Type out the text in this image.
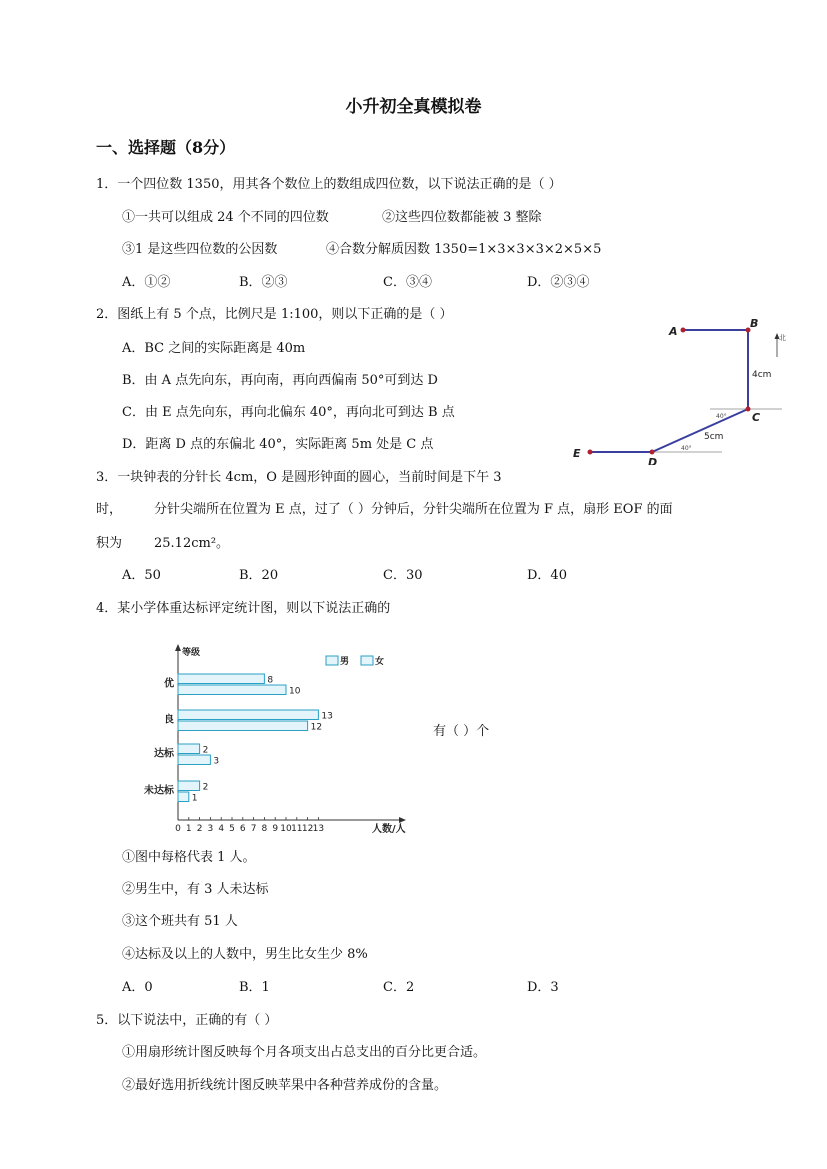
小升初全真模拟卷
一、选择题（8分）
1．一个四位数 1350，用其各个数位上的数组成四位数，以下说法正确的是（ ）
①一共可以组成 24 个不同的四位数	②这些四位数都能被 3 整除
③1 是这些四位数的公因数	④合数分解质因数 1350=1×3×3×3×2×5×5
A．①②	B．②③	C．③④	D．②③④
2．图纸上有 5 个点，比例尺是 1:100，则以下正确的是（ ）
A．BC 之间的实际距离是 40m
B．由 A 点先向东，再向南，再向西偏南 50°可到达 D
C．由 E 点先向东，再向北偏东 40°，再向北可到达 B 点
D．距离 D 点的东偏北 40°，实际距离 5m 处是 C 点
A
B
C
D
E
4cm
5cm
40°
40°
北
3．一块钟表的分针长 4cm，O 是圆形钟面的圆心，当前时间是下午 3
时， 分针尖端所在位置为 E 点，过了（ ）分钟后，分针尖端所在位置为 F 点，扇形 EOF 的面
积为 25.12cm²。
A．50	B．20	C．30	D．40
4．某小学体重达标评定统计图，则以下说法正确的
等级
人数/人
0 1 2 3 4 5 6 7 8 9 10 11 12 13
男	女
优	8
10
良	13
12
达标	2
3
未达标	2
1
有（ ）个
①图中每格代表 1 人。
②男生中，有 3 人未达标
③这个班共有 51 人
④达标及以上的人数中，男生比女生少 8%
A．0	B．1	C．2	D．3
5．以下说法中，正确的有（ ）
①用扇形统计图反映每个月各项支出占总支出的百分比更合适。
②最好选用折线统计图反映苹果中各种营养成份的含量。
